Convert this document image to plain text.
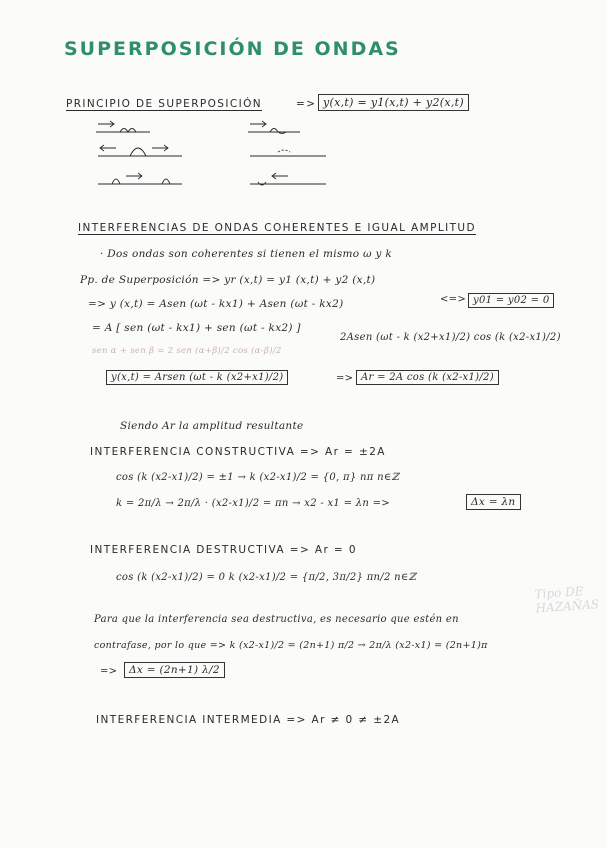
SUPERPOSICIÓN DE ONDAS
PRINCIPIO DE SUPERPOSICIÓN	=> y(x,t) = y1(x,t) + y2(x,t)
INTERFERENCIAS DE ONDAS COHERENTES E IGUAL AMPLITUD
· Dos ondas son coherentes si tienen el mismo ω y k
Pp. de Superposición => yr (x,t) = y1 (x,t) + y2 (x,t)
=> y (x,t) = Asen (ωt - kx1) + Asen (ωt - kx2)	<=> y01 = y02 = 0
= A [ sen (ωt - kx1) + sen (ωt - kx2) ]
2Asen (ωt - k (x2+x1)/2) cos (k (x2-x1)/2)
sen α + sen β = 2 sen (α+β)/2 cos (α-β)/2
y(x,t) = Arsen (ωt - k (x2+x1)/2)	=> Ar = 2A cos (k (x2-x1)/2)
Siendo Ar la amplitud resultante
INTERFERENCIA CONSTRUCTIVA => Ar = ±2A
cos (k (x2-x1)/2) = ±1 → k (x2-x1)/2 = {0, π} nπ n∈ℤ
k = 2π/λ → 2π/λ · (x2-x1)/2 = πn → x2 - x1 = λn =>	Δx = λn
INTERFERENCIA DESTRUCTIVA => Ar = 0
cos (k (x2-x1)/2) = 0 k (x2-x1)/2 = {π/2, 3π/2} πn/2 n∈ℤ
Para que la interferencia sea destructiva, es necesario que estén en
contrafase, por lo que => k (x2-x1)/2 = (2n+1) π/2 → 2π/λ (x2-x1) = (2n+1)π
=>	Δx = (2n+1) λ/2
INTERFERENCIA INTERMEDIA => Ar ≠ 0 ≠ ±2A
Tipo DE HAZAÑAS
